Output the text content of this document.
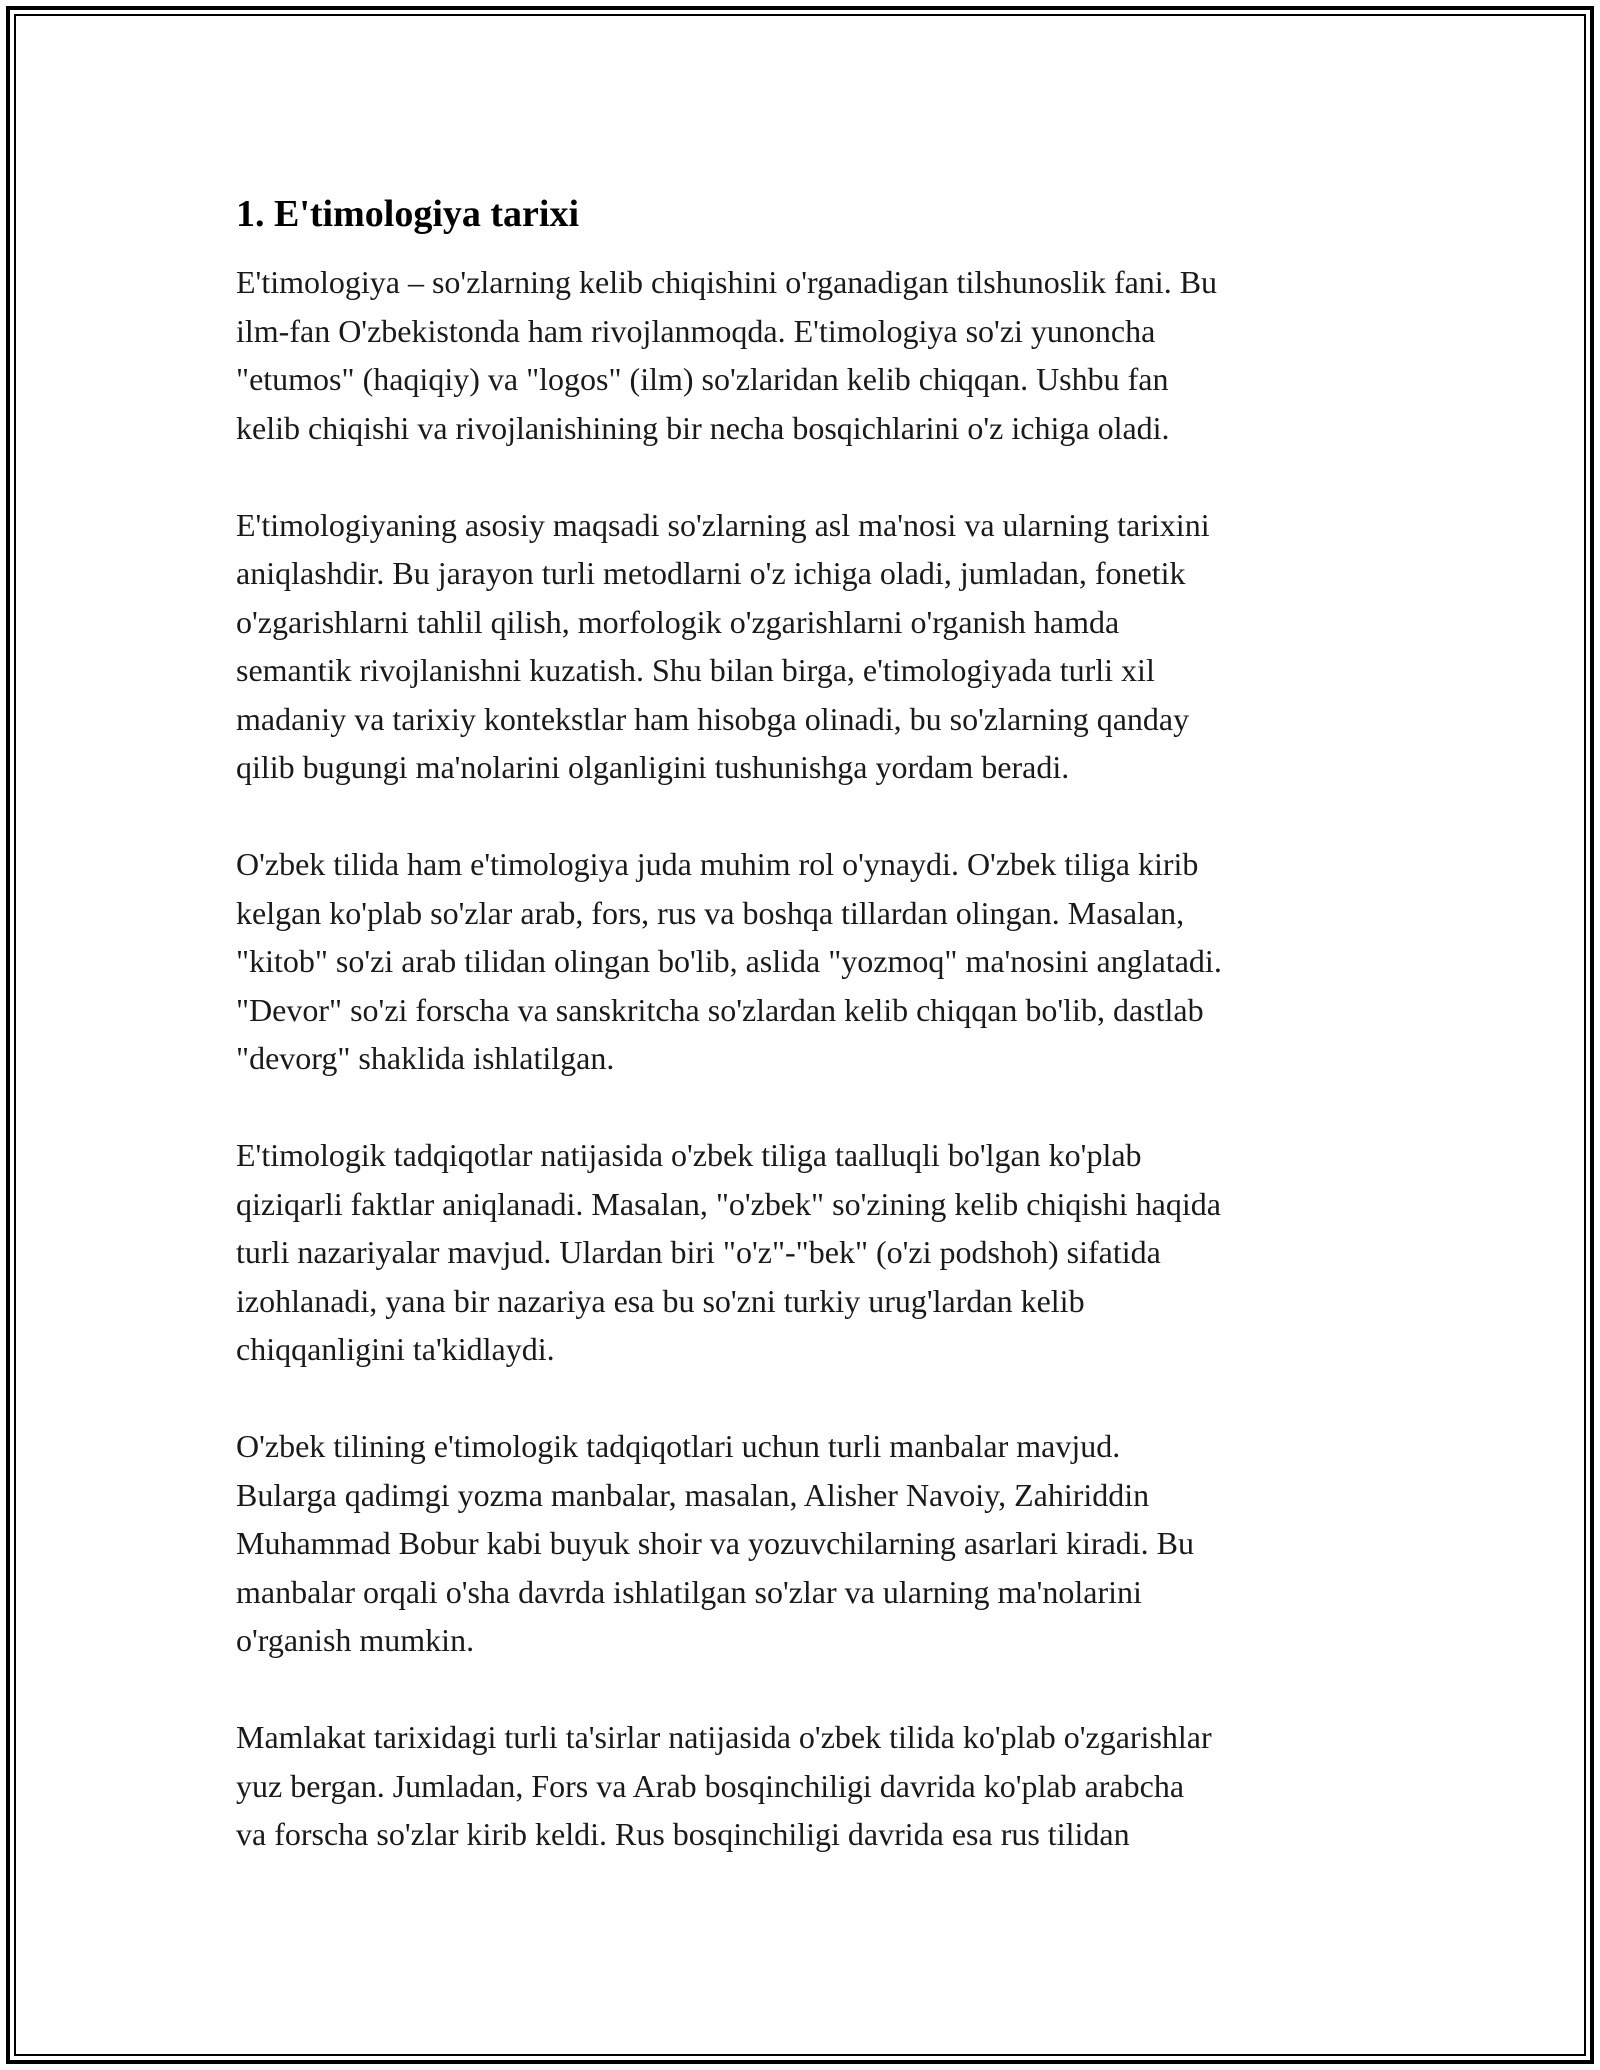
1. E'timologiya tarixi

E'timologiya – so'zlarning kelib chiqishini o'rganadigan tilshunoslik fani. Bu
ilm-fan O'zbekistonda ham rivojlanmoqda. E'timologiya so'zi yunoncha
"etumos" (haqiqiy) va "logos" (ilm) so'zlaridan kelib chiqqan. Ushbu fan
kelib chiqishi va rivojlanishining bir necha bosqichlarini o'z ichiga oladi.

E'timologiyaning asosiy maqsadi so'zlarning asl ma'nosi va ularning tarixini
aniqlashdir. Bu jarayon turli metodlarni o'z ichiga oladi, jumladan, fonetik
o'zgarishlarni tahlil qilish, morfologik o'zgarishlarni o'rganish hamda
semantik rivojlanishni kuzatish. Shu bilan birga, e'timologiyada turli xil
madaniy va tarixiy kontekstlar ham hisobga olinadi, bu so'zlarning qanday
qilib bugungi ma'nolarini olganligini tushunishga yordam beradi.

O'zbek tilida ham e'timologiya juda muhim rol o'ynaydi. O'zbek tiliga kirib
kelgan ko'plab so'zlar arab, fors, rus va boshqa tillardan olingan. Masalan,
"kitob" so'zi arab tilidan olingan bo'lib, aslida "yozmoq" ma'nosini anglatadi.
"Devor" so'zi forscha va sanskritcha so'zlardan kelib chiqqan bo'lib, dastlab
"devorg" shaklida ishlatilgan.

E'timologik tadqiqotlar natijasida o'zbek tiliga taalluqli bo'lgan ko'plab
qiziqarli faktlar aniqlanadi. Masalan, "o'zbek" so'zining kelib chiqishi haqida
turli nazariyalar mavjud. Ulardan biri "o'z"-"bek" (o'zi podshoh) sifatida
izohlanadi, yana bir nazariya esa bu so'zni turkiy urug'lardan kelib
chiqqanligini ta'kidlaydi.

O'zbek tilining e'timologik tadqiqotlari uchun turli manbalar mavjud.
Bularga qadimgi yozma manbalar, masalan, Alisher Navoiy, Zahiriddin
Muhammad Bobur kabi buyuk shoir va yozuvchilarning asarlari kiradi. Bu
manbalar orqali o'sha davrda ishlatilgan so'zlar va ularning ma'nolarini
o'rganish mumkin.

Mamlakat tarixidagi turli ta'sirlar natijasida o'zbek tilida ko'plab o'zgarishlar
yuz bergan. Jumladan, Fors va Arab bosqinchiligi davrida ko'plab arabcha
va forscha so'zlar kirib keldi. Rus bosqinchiligi davrida esa rus tilidan
